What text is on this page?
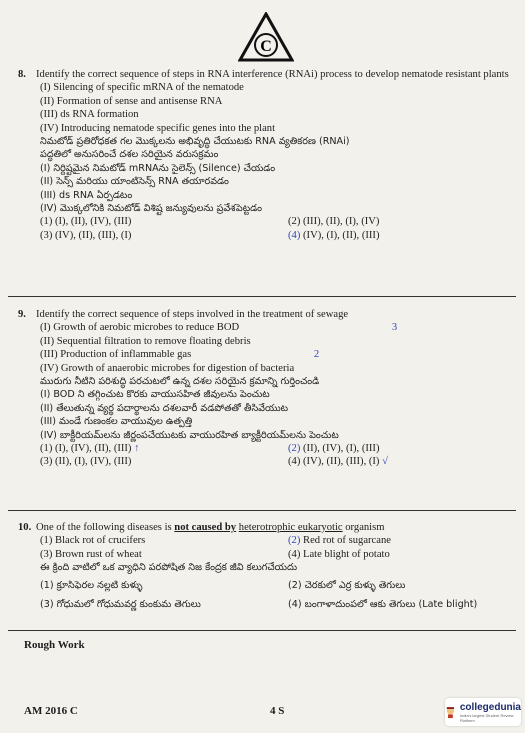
C
8. Identify the correct sequence of steps in RNA interference (RNAi) process to develop nematode resistant plants
(I) Silencing of specific mRNA of the nematode
(II) Formation of sense and antisense RNA
(III) ds RNA formation
(IV) Introducing nematode specific genes into the plant
నిమటోడ్ ప్రతిరోధకత గల మొక్కలను అభివృద్ధి చేయుటకు RNA వ్యతికరణ (RNAi)
పద్ధతిలో అనుసరించే దశల సరియైన వరుసక్రమం
(I) నిర్దిష్టమైన నిమటోడ్ mRNAను సైలెన్స్ (Silence) చేయడం
(II) సెన్స్ మరియు యాంటిసెన్స్ RNA తయారవడం
(III) ds RNA ఏర్పడటం
(IV) మొక్కలోనికి నిమటోడ్ విశిష్ట జన్యువులను ప్రవేశపెట్టడం
(1) (I), (II), (IV), (III)	(2) (III), (II), (I), (IV)
(3) (IV), (II), (III), (I)	(4) (IV), (I), (II), (III)
9. Identify the correct sequence of steps involved in the treatment of sewage
(I) Growth of aerobic microbes to reduce BOD	3
(II) Sequential filtration to remove floating debris
(III) Production of inflammable gas	2
(IV) Growth of anaerobic microbes for digestion of bacteria
మురుగు నీటిని పరిశుద్ధి పరచుటలో ఉన్న దశల సరియైన క్రమాన్ని గుర్తించండి
(I) BOD ని తగ్గించుట కొరకు వాయుసహిత జీవులను పెంచుట
(II) తేలుతున్న వ్యర్థ పదార్థాలను దశలవారీ వడపోతతో తీసివేయుట
(III) మండే గుణంకల వాయువుల ఉత్పత్తి
(IV) బాక్టీరియమ్‌లను జీర్ణంపచేయుటకు వాయురహిత బ్యాక్టీరియమ్‌లను పెంచుట
(1) (I), (IV), (II), (III) ↑	(2) (II), (IV), (I), (III)
(3) (II), (I), (IV), (III)	(4) (IV), (II), (III), (I) √
10. One of the following diseases is not caused by heterotrophic eukaryotic organism
(1) Black rot of crucifers	(2) Red rot of sugarcane
(3) Brown rust of wheat	(4) Late blight of potato
ఈ క్రింది వాటిలో ఒక వ్యాధిని పరపోషిత నిజ కేంద్రక జీవి కలుగచేయదు
(1) క్రూసిఫెరల నల్లటి కుళ్ళు	(2) చెరకులో ఎర్ర కుళ్ళు తెగులు
(3) గోధుమలో గోధుమవర్ణ కుంకుమ తెగులు	(4) బంగాళాదుంపలో ఆకు తెగులు (Late blight)
Rough Work
AM 2016 C	4 S	collegedunia
India's largest Student Review Platform
